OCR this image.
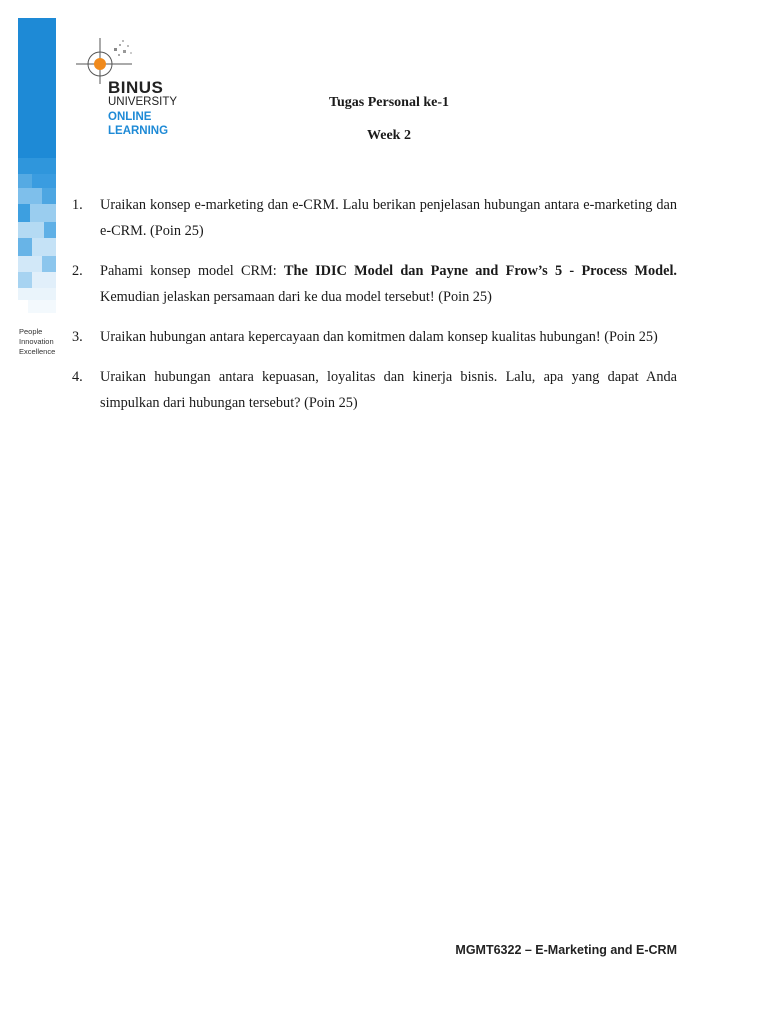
People
Innovation
Excellence
BINUS
UNIVERSITY
ONLINE
LEARNING
Tugas Personal ke-1
Week 2
1. Uraikan konsep e-marketing dan e-CRM. Lalu berikan penjelasan hubungan antara e-marketing dan e-CRM. (Poin 25)
2. Pahami konsep model CRM: The IDIC Model dan Payne and Frow’s 5 - Process Model. Kemudian jelaskan persamaan dari ke dua model tersebut! (Poin 25)
3. Uraikan hubungan antara kepercayaan dan komitmen dalam konsep kualitas hubungan! (Poin 25)
4. Uraikan hubungan antara kepuasan, loyalitas dan kinerja bisnis. Lalu, apa yang dapat Anda simpulkan dari hubungan tersebut? (Poin 25)
MGMT6322 – E-Marketing and E-CRM
